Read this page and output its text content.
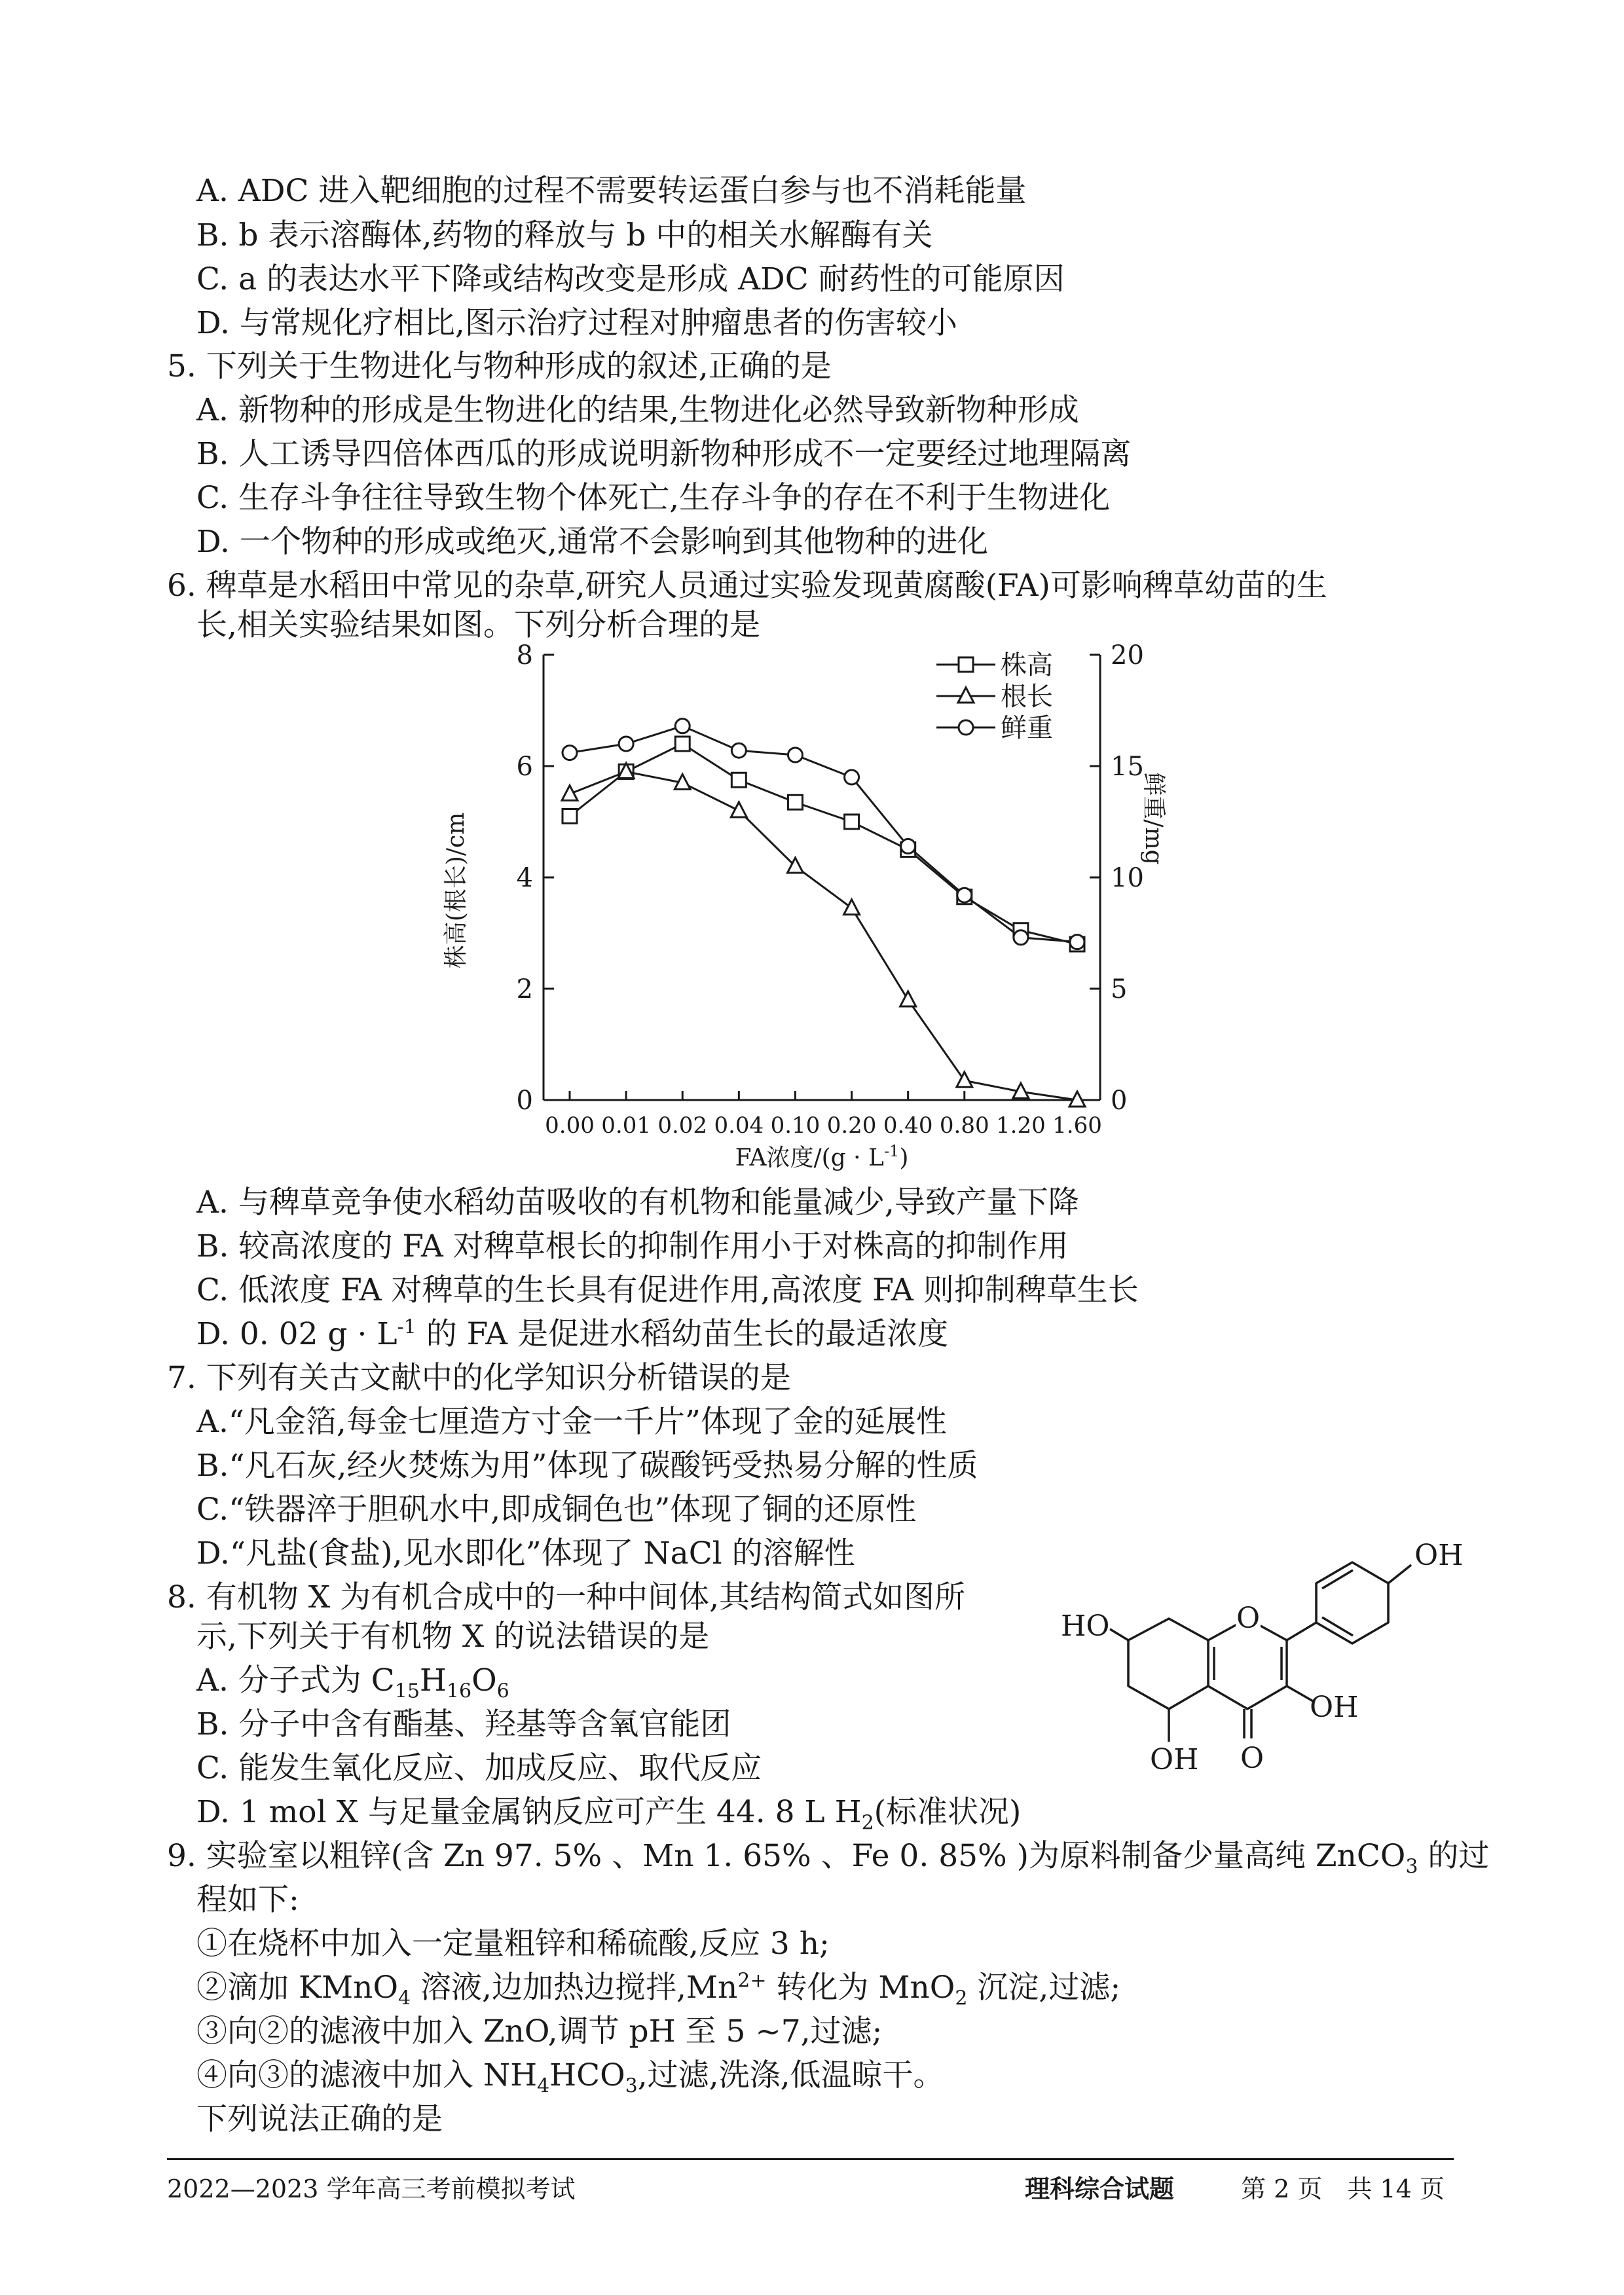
A. ADC 进入靶细胞的过程不需要转运蛋白参与也不消耗能量
B. b 表示溶酶体,药物的释放与 b 中的相关水解酶有关
C. a 的表达水平下降或结构改变是形成 ADC 耐药性的可能原因
D. 与常规化疗相比,图示治疗过程对肿瘤患者的伤害较小
5. 下列关于生物进化与物种形成的叙述,正确的是
A. 新物种的形成是生物进化的结果,生物进化必然导致新物种形成
B. 人工诱导四倍体西瓜的形成说明新物种形成不一定要经过地理隔离
C. 生存斗争往往导致生物个体死亡,生存斗争的存在不利于生物进化
D. 一个物种的形成或绝灭,通常不会影响到其他物种的进化
6. 稗草是水稻田中常见的杂草,研究人员通过实验发现黄腐酸(FA)可影响稗草幼苗的生
长,相关实验结果如图。下列分析合理的是
0
2
4
6
8
0
5
10
15
20
0.00 0.01 0.02 0.04 0.10 0.20 0.40 0.80 1.20 1.60
FA浓度$/(g \cdot L^{-1})$
株高(根长)/cm	鲜重/mg
株高
根长
鲜重
A. 与稗草竞争使水稻幼苗吸收的有机物和能量减少,导致产量下降
B. 较高浓度的 FA 对稗草根长的抑制作用小于对株高的抑制作用
C. 低浓度 FA 对稗草的生长具有促进作用,高浓度 FA 则抑制稗草生长
D. 0. 02 $g \cdot L^{-1}$ 的 FA 是促进水稻幼苗生长的最适浓度
7. 下列有关古文献中的化学知识分析错误的是
A.“凡金箔,每金七厘造方寸金一千片”体现了金的延展性
B.“凡石灰,经火焚炼为用”体现了碳酸钙受热易分解的性质
C.“铁器淬于胆矾水中,即成铜色也”体现了铜的还原性
D.“凡盐(食盐),见水即化”体现了 NaCl 的溶解性
8. 有机物 X 为有机合成中的一种中间体,其结构简式如图所
示,下列关于有机物 X 的说法错误的是
A. 分子式为 $C_{15}H_{16}O_6$
B. 分子中含有酯基、羟基等含氧官能团
C. 能发生氧化反应、加成反应、取代反应
D. 1 mol X 与足量金属钠反应可产生 44. 8 L $H_2$(标准状况)
O
OH
HO
OH
OH O
9. 实验室以粗锌(含 Zn 97. 5% 、Mn 1. 65% 、Fe 0. 85% )为原料制备少量高纯 ZnCO$_3$ 的过
程如下:
①在烧杯中加入一定量粗锌和稀硫酸,反应 3 h;
②滴加 KMnO$_4$ 溶液,边加热边搅拌$,Mn^{2+}$ 转化为 MnO$_2$ 沉淀,过滤;
③向②的滤液中加入 ZnO,调节 pH 至 5 ~7,过滤;
④向③的滤液中加入 $NH_4HCO_3$,过滤,洗涤,低温晾干。
下列说法正确的是
2022—2023 学年高三考前模拟考试	理科综合试题	第 2 页　共 14 页
